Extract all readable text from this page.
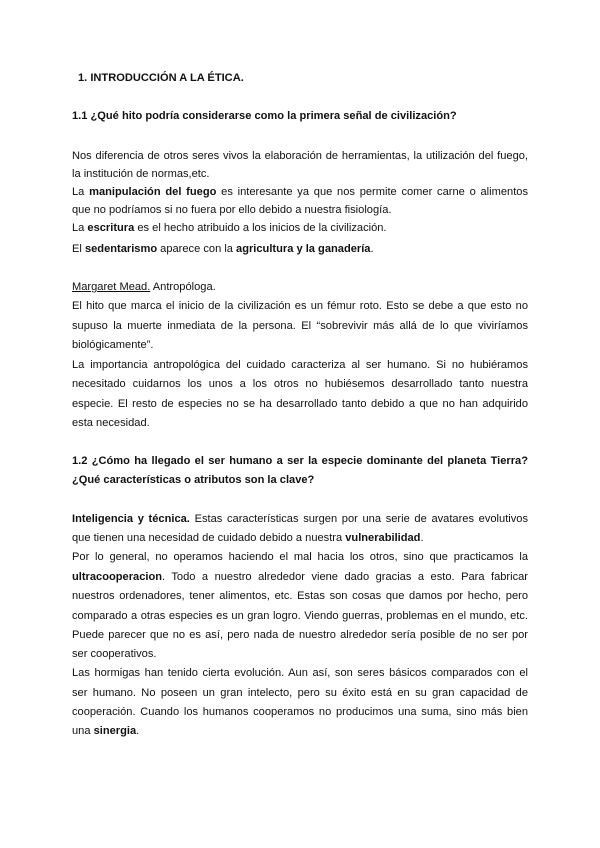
1. INTRODUCCIÓN A LA ÉTICA.
1.1 ¿Qué hito podría considerarse como la primera señal de civilización?
Nos diferencia de otros seres vivos la elaboración de herramientas, la utilización del fuego,
la institución de normas,etc.
La manipulación del fuego es interesante ya que nos permite comer carne o alimentos
que no podríamos si no fuera por ello debido a nuestra fisiología.
La escritura es el hecho atribuido a los inicios de la civilización.
El sedentarismo aparece con la agricultura y la ganadería.
Margaret Mead. Antropóloga.
El hito que marca el inicio de la civilización es un fémur roto. Esto se debe a que esto no
supuso la muerte inmediata de la persona. El “sobrevivir más allá de lo que viviríamos
biológicamente”.
La importancia antropológica del cuidado caracteriza al ser humano. Si no hubiéramos
necesitado cuidarnos los unos a los otros no hubiésemos desarrollado tanto nuestra
especie. El resto de especies no se ha desarrollado tanto debido a que no han adquirido
esta necesidad.
1.2 ¿Cómo ha llegado el ser humano a ser la especie dominante del planeta Tierra?
¿Qué características o atributos son la clave?
Inteligencia y técnica. Estas características surgen por una serie de avatares evolutivos
que tienen una necesidad de cuidado debido a nuestra vulnerabilidad.
Por lo general, no operamos haciendo el mal hacia los otros, sino que practicamos la
ultracooperacion. Todo a nuestro alrededor viene dado gracias a esto. Para fabricar
nuestros ordenadores, tener alimentos, etc. Estas son cosas que damos por hecho, pero
comparado a otras especies es un gran logro. Viendo guerras, problemas en el mundo, etc.
Puede parecer que no es así, pero nada de nuestro alrededor sería posible de no ser por
ser cooperativos.
Las hormigas han tenido cierta evolución. Aun así, son seres básicos comparados con el
ser humano. No poseen un gran intelecto, pero su éxito está en su gran capacidad de
cooperación. Cuando los humanos cooperamos no producimos una suma, sino más bien
una sinergia.
